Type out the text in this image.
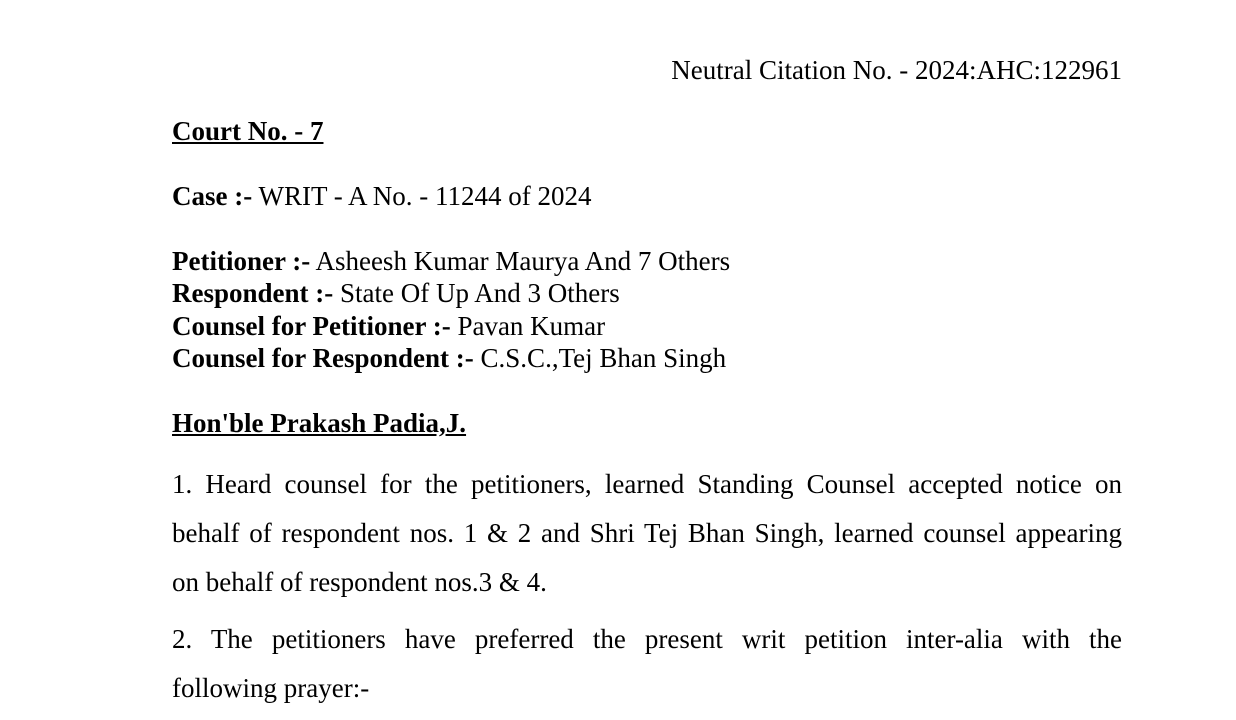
Neutral Citation No. - 2024:AHC:122961
Court No. - 7
Case :- WRIT - A No. - 11244 of 2024
Petitioner :- Asheesh Kumar Maurya And 7 Others
Respondent :- State Of Up And 3 Others
Counsel for Petitioner :- Pavan Kumar
Counsel for Respondent :- C.S.C.,Tej Bhan Singh
Hon'ble Prakash Padia,J.
1. Heard counsel for the petitioners, learned Standing Counsel accepted notice on
behalf of respondent nos. 1 & 2 and Shri Tej Bhan Singh, learned counsel appearing
on behalf of respondent nos.3 & 4.
2. The petitioners have preferred the present writ petition inter-alia with the
following prayer:-
